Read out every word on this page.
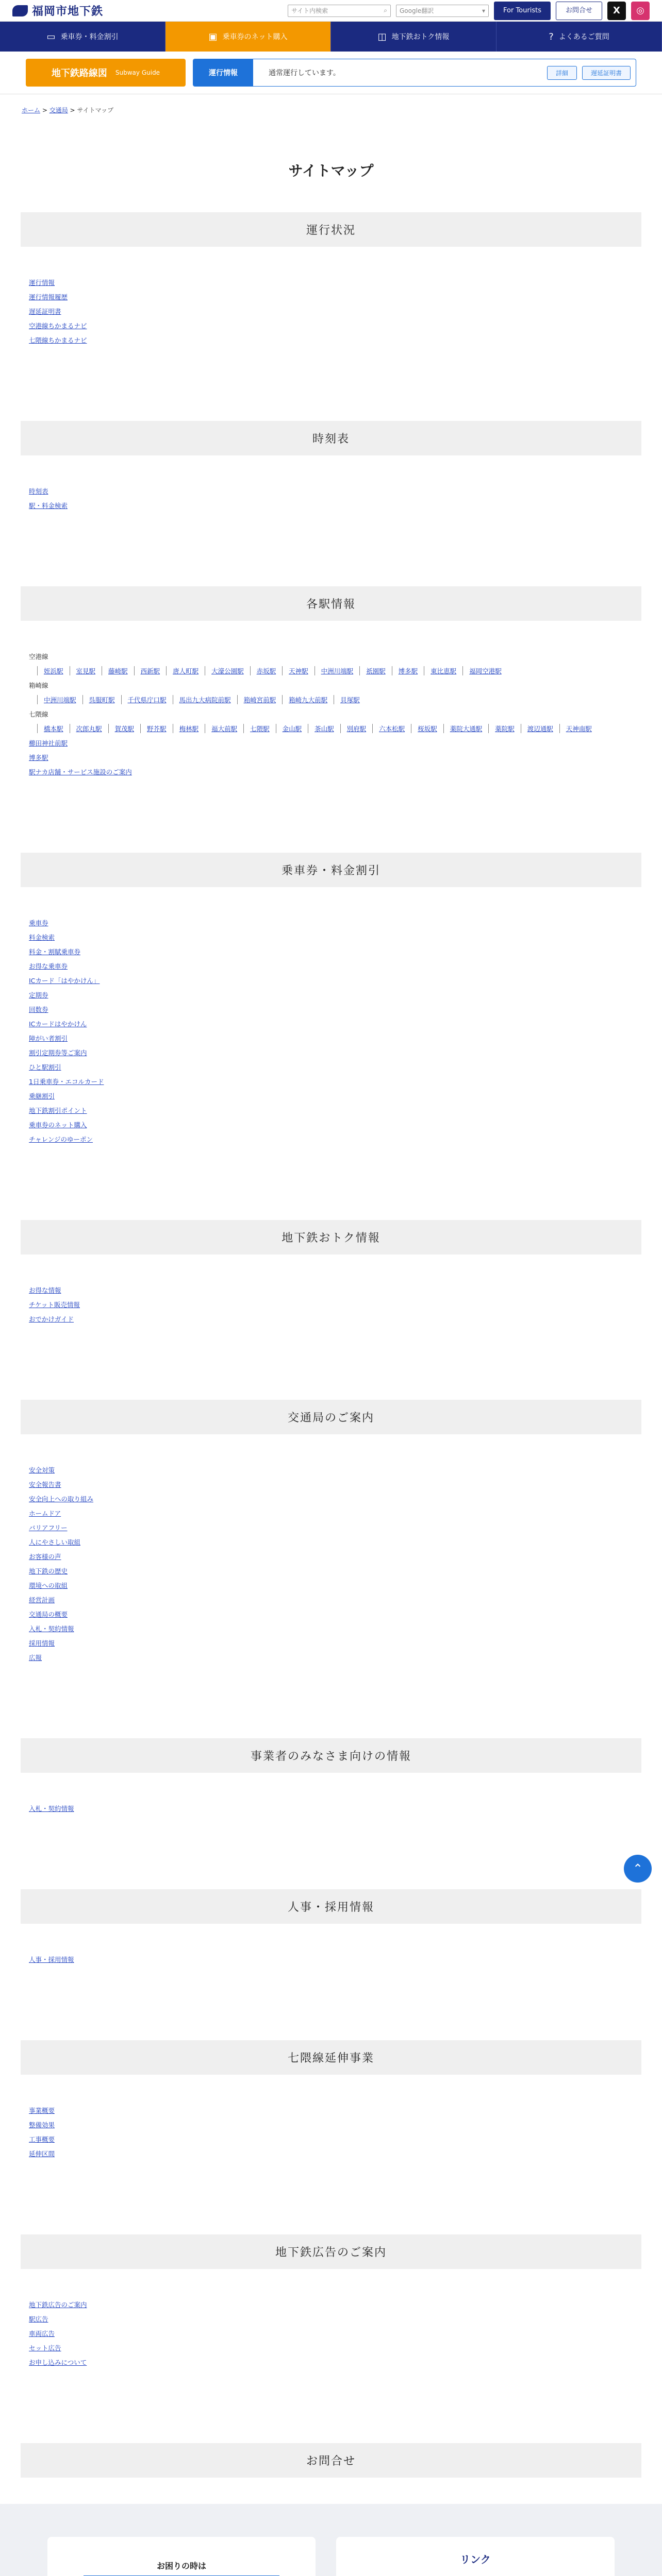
福岡市地下鉄	サイト内検索	⌕ Google翻訳	▾	For Tourists	お問合せ	X	◎
▭ 乗車券・料金割引	▣ 乗車券のネット購入	◫ 地下鉄おトク情報	? よくあるご質問
地下鉄路線図 Subway Guide	運行情報	通常運行しています。	詳細	遅延証明書
ホーム > 交通局 > サイトマップ
サイトマップ
運行状況
運行情報
運行情報履歴
遅延証明書
空港線ちかまるナビ
七隈線ちかまるナビ
時刻表
時刻表
駅・料金検索
各駅情報
空港線
姪浜駅	室見駅	藤崎駅	西新駅	唐人町駅	大濠公園駅	赤坂駅	天神駅	中洲川端駅	祇園駅	博多駅	東比恵駅	福岡空港駅
箱崎線
中洲川端駅	呉服町駅	千代県庁口駅	馬出九大病院前駅	箱崎宮前駅	箱崎九大前駅	貝塚駅
七隈線
橋本駅	次郎丸駅	賀茂駅	野芥駅	梅林駅	福大前駅	七隈駅	金山駅	茶山駅	別府駅	六本松駅	桜坂駅	薬院大通駅	薬院駅	渡辺通駅	天神南駅
櫛田神社前駅
博多駅
駅ナカ店舗・サービス施設のご案内
乗車券・料金割引
乗車券
料金検索
料金・割賦乗車券
お得な乗車券
ICカード「はやかけん」
定期券
回数券
ICカードはやかけん
障がい者割引
割引定期券等ご案内
ひと駅割引
1日乗車券・エコルカード
乗継割引
地下鉄割引ポイント
乗車券のネット購入
チャレンジのゆーポン
地下鉄おトク情報
お得な情報
チケット販売情報
おでかけガイド
交通局のご案内
安全対策
安全報告書
安全向上への取り組み
ホームドア
バリアフリー
人にやさしい取組
お客様の声
地下鉄の歴史
環境への取組
経営計画
交通局の概要
入札・契約情報
採用情報
広報
事業者のみなさま向けの情報
入札・契約情報
人事・採用情報
人事・採用情報
七隈線延伸事業
事業概要
整備効果
工事概要
延伸区間
地下鉄広告のご案内
地下鉄広告のご案内
駅広告
車両広告
セット広告
お申し込みについて
お問合せ
⌃
お困りの時は
リンク
